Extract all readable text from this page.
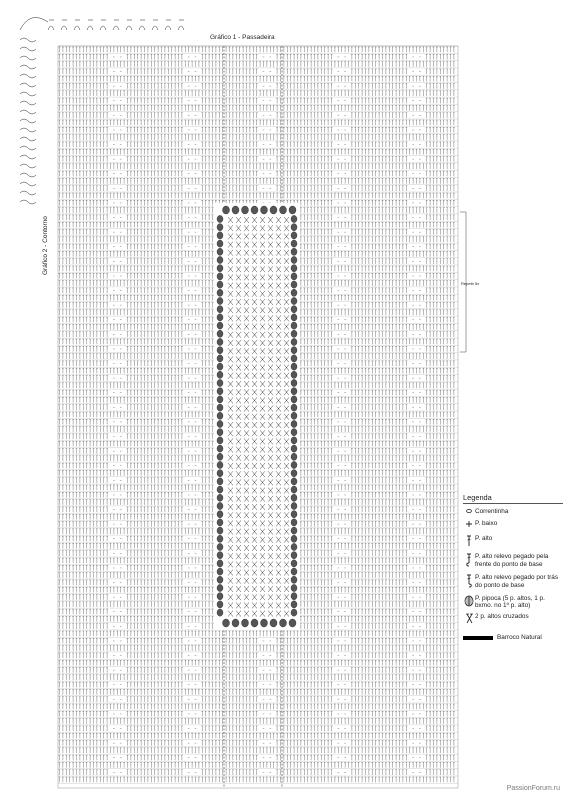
Gráfico 1 - Passadeira
Gráfico 2 - Contorno
Repetir 5x
Legenda
Correntinha
P. baixo
P. alto
P. alto relevo pegado pela frente do ponto de base
P. alto relevo pegado por trás do ponto de base
P. pipoca (5 p. altos, 1 p. bxmo. no 1º p. alto)
2 p. altos cruzados
Barroco Natural
PassionForum.ru
